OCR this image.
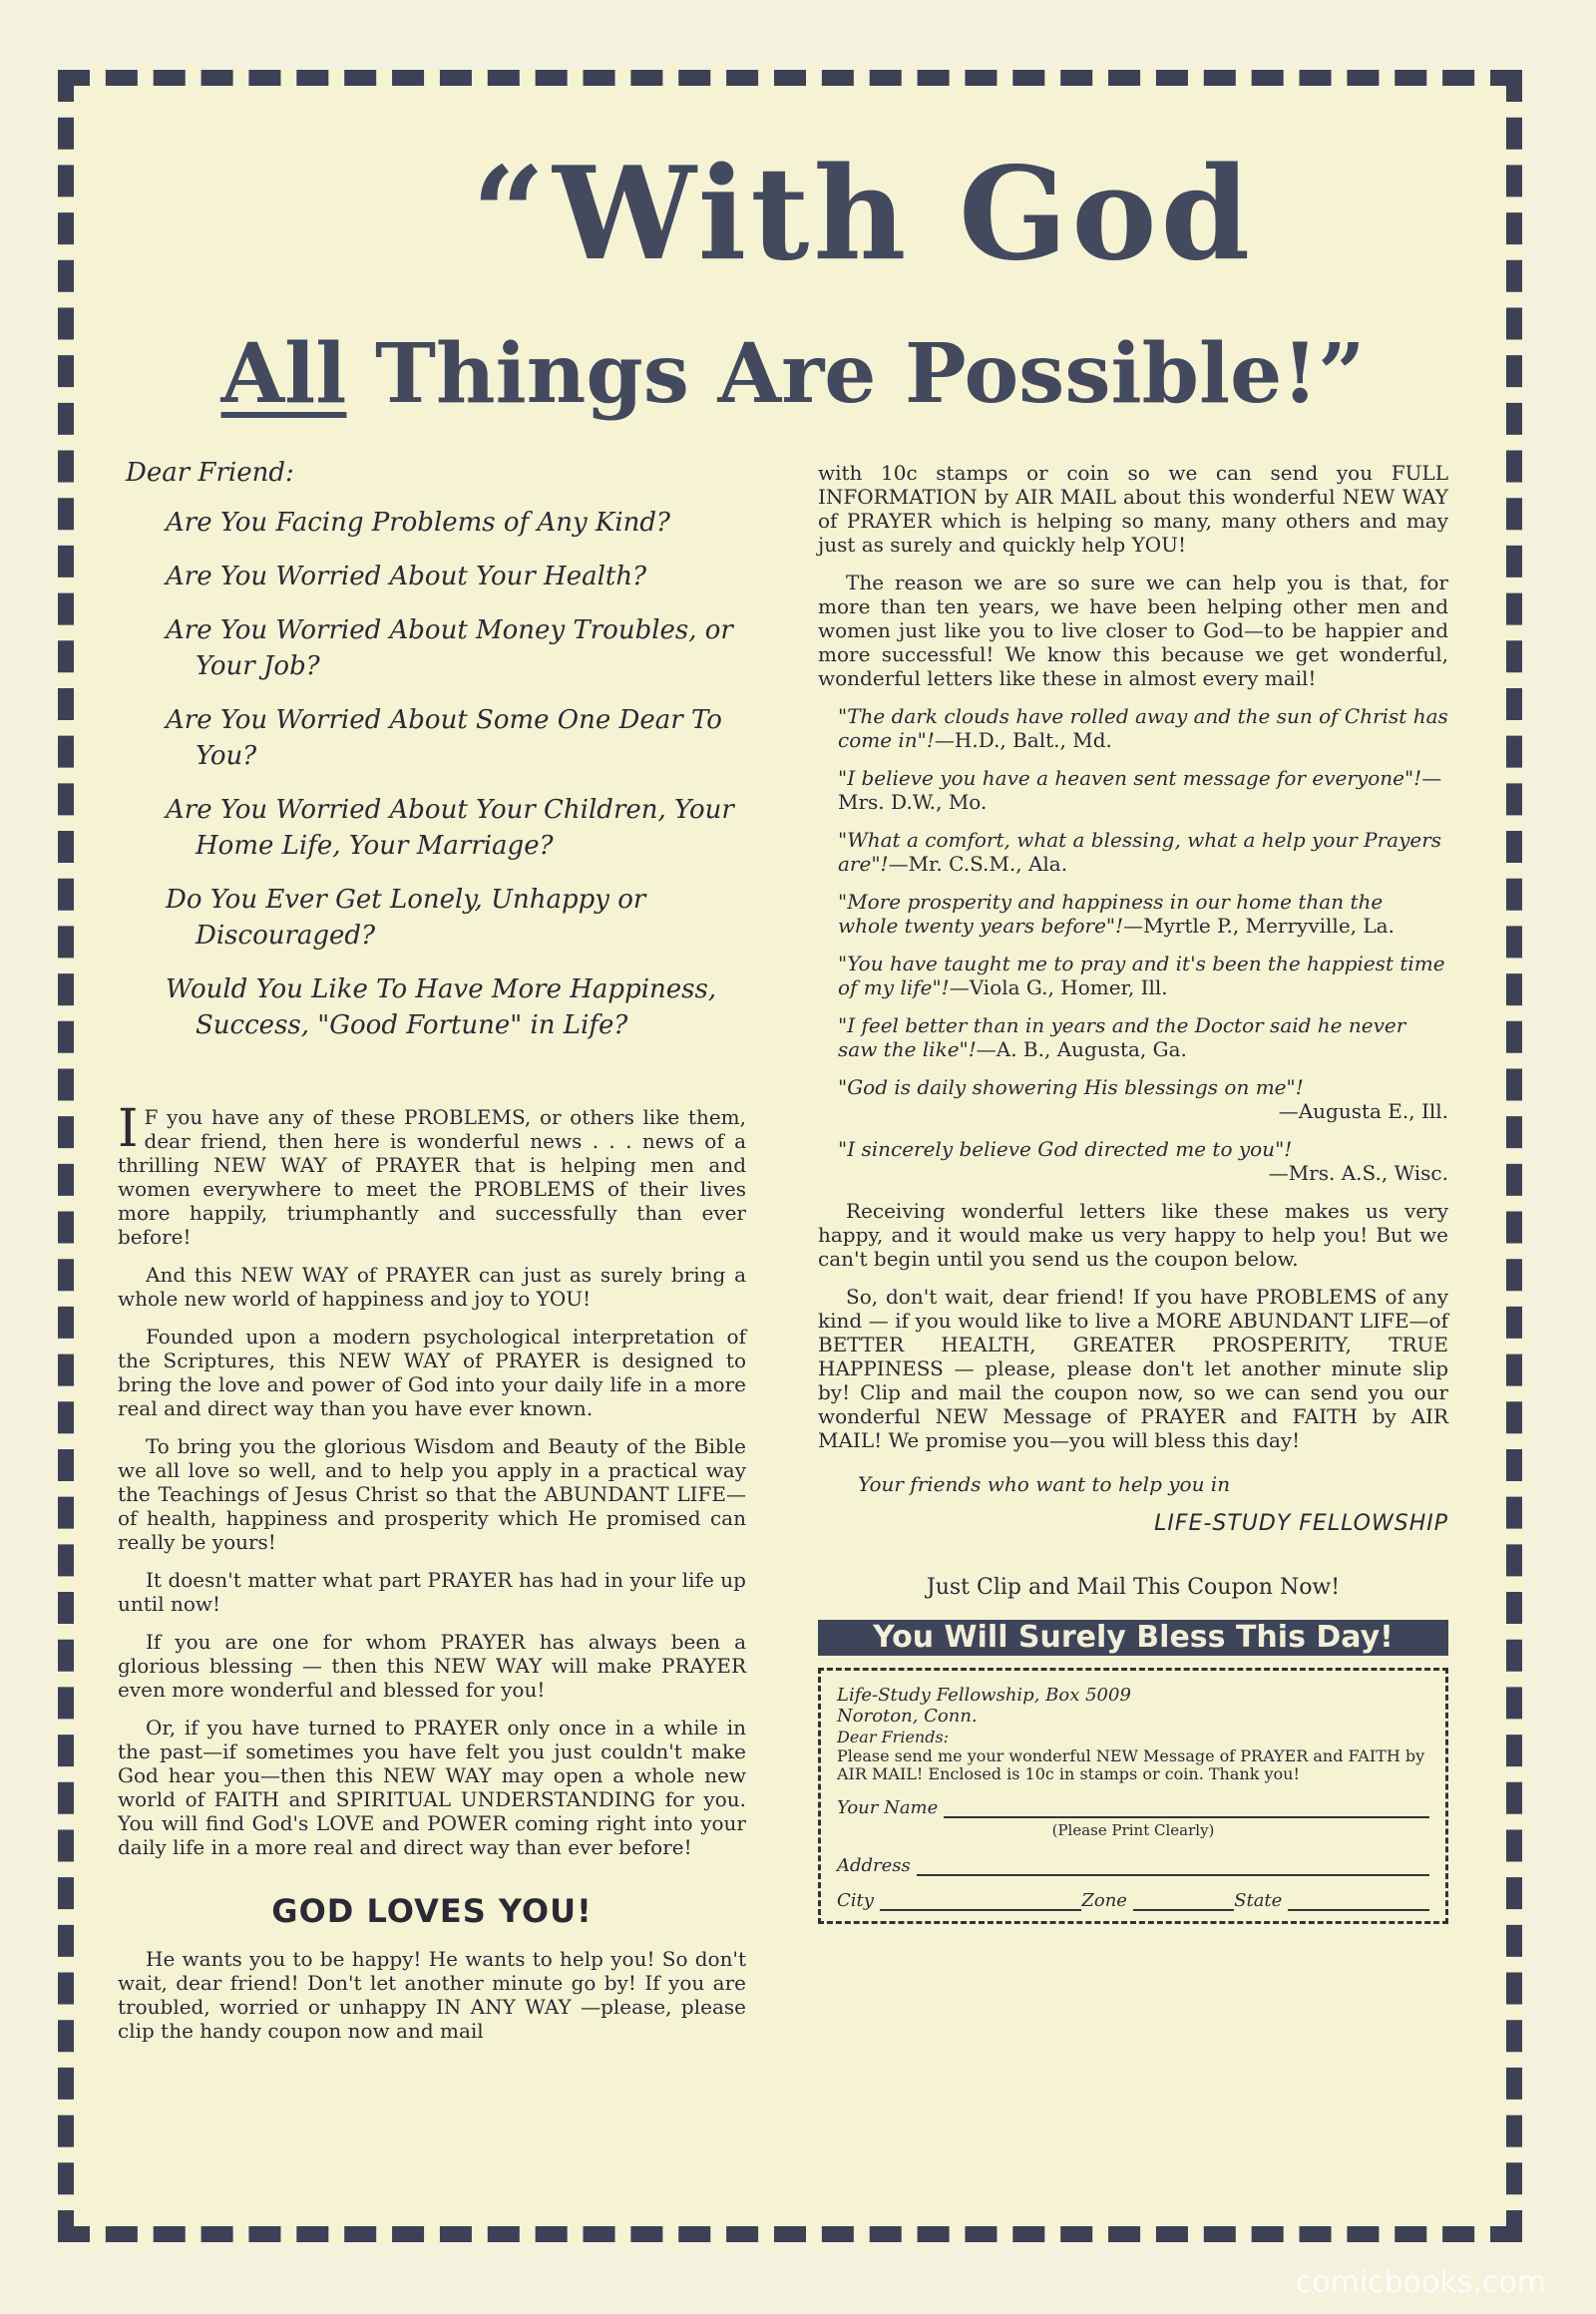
“With God
All Things Are Possible!”
Dear Friend:
Are You Facing Problems of Any Kind?
Are You Worried About Your Health?
Are You Worried About Money Troubles, or Your Job?
Are You Worried About Some One Dear To You?
Are You Worried About Your Children, Your Home Life, Your Marriage?
Do You Ever Get Lonely, Unhappy or Discouraged?
Would You Like To Have More Happiness, Success, "Good Fortune" in Life?

I F you have any of these PROBLEMS, or others like them, dear friend, then here is wonderful news . . . news of a thrilling NEW WAY of PRAYER that is helping men and women everywhere to meet the PROBLEMS of their lives more happily, triumphantly and successfully than ever before!

And this NEW WAY of PRAYER can just as surely bring a whole new world of happiness and joy to YOU!

Founded upon a modern psychological interpretation of the Scriptures, this NEW WAY of PRAYER is designed to bring the love and power of God into your daily life in a more real and direct way than you have ever known.

To bring you the glorious Wisdom and Beauty of the Bible we all love so well, and to help you apply in a practical way the Teachings of Jesus Christ so that the ABUNDANT LIFE—of health, happiness and prosperity which He promised can really be yours!

It doesn't matter what part PRAYER has had in your life up until now!

If you are one for whom PRAYER has always been a glorious blessing — then this NEW WAY will make PRAYER even more wonderful and blessed for you!

Or, if you have turned to PRAYER only once in a while in the past—if sometimes you have felt you just couldn't make God hear you—then this NEW WAY may open a whole new world of FAITH and SPIRITUAL UNDERSTANDING for you. You will find God's LOVE and POWER coming right into your daily life in a more real and direct way than ever before!

GOD LOVES YOU!

He wants you to be happy! He wants to help you! So don't wait, dear friend! Don't let another minute go by! If you are troubled, worried or unhappy IN ANY WAY —please, please clip the handy coupon now and mail

with 10c stamps or coin so we can send you FULL INFORMATION by AIR MAIL about this wonderful NEW WAY of PRAYER which is helping so many, many others and may just as surely and quickly help YOU!

The reason we are so sure we can help you is that, for more than ten years, we have been helping other men and women just like you to live closer to God—to be happier and more successful! We know this because we get wonderful, wonderful letters like these in almost every mail!

"The dark clouds have rolled away and the sun of Christ has come in"!—H.D., Balt., Md.
"I believe you have a heaven sent message for everyone"!—Mrs. D.W., Mo.
"What a comfort, what a blessing, what a help your Prayers are"!—Mr. C.S.M., Ala.
"More prosperity and happiness in our home than the whole twenty years before"!—Myrtle P., Merryville, La.
"You have taught me to pray and it's been the happiest time of my life"!—Viola G., Homer, Ill.
"I feel better than in years and the Doctor said he never saw the like"!—A. B., Augusta, Ga.
"God is daily showering His blessings on me"!
—Augusta E., Ill.
"I sincerely believe God directed me to you"!
—Mrs. A.S., Wisc.

Receiving wonderful letters like these makes us very happy, and it would make us very happy to help you! But we can't begin until you send us the coupon below.

So, don't wait, dear friend! If you have PROBLEMS of any kind — if you would like to live a MORE ABUNDANT LIFE—of BETTER HEALTH, GREATER PROSPERITY, TRUE HAPPINESS — please, please don't let another minute slip by! Clip and mail the coupon now, so we can send you our wonderful NEW Message of PRAYER and FAITH by AIR MAIL! We promise you—you will bless this day!

Your friends who want to help you in
LIFE-STUDY FELLOWSHIP
Just Clip and Mail This Coupon Now!
You Will Surely Bless This Day!
Life-Study Fellowship, Box 5009
Noroton, Conn.
Dear Friends:
Please send me your wonderful NEW Message of PRAYER and FAITH by AIR MAIL! Enclosed is 10c in stamps or coin. Thank you!
Your Name
(Please Print Clearly)
Address
City	Zone	State
comicbooks.com
